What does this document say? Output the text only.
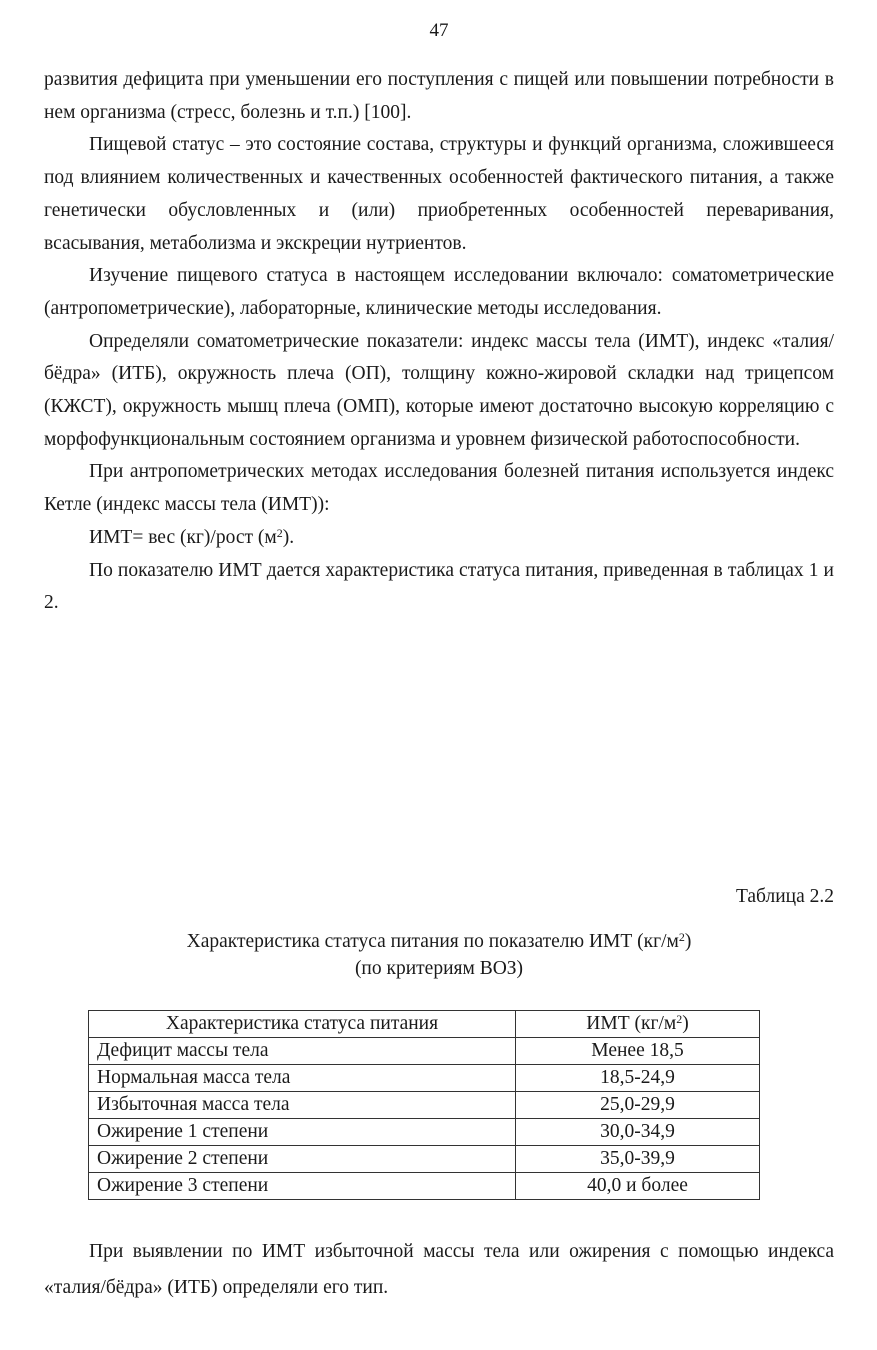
47

развития дефицита при уменьшении его поступления с пищей или повышении потребности в нем организма (стресс, болезнь и т.п.) [100].

Пищевой статус – это состояние состава, структуры и функций организма, сложившееся под влиянием количественных и качественных особенностей фактического питания, а также генетически обусловленных и (или) приобретенных особенностей переваривания, всасывания, метаболизма и экскреции нутриентов.

Изучение пищевого статуса в настоящем исследовании включало: соматометрические (антропометрические), лабораторные, клинические методы исследования.

Определяли соматометрические показатели: индекс массы тела (ИМТ), индекс «талия/бёдра» (ИТБ), окружность плеча (ОП), толщину кожно-жировой складки над трицепсом (КЖСТ), окружность мышц плеча (ОМП), которые имеют достаточно высокую корреляцию с морфофункциональным состоянием организма и уровнем физической работоспособности.

При антропометрических методах исследования болезней питания используется индекс Кетле (индекс массы тела (ИМТ)):

ИМТ= вес (кг)/рост $(м^2)$.

По показателю ИМТ дается характеристика статуса питания, приведенная в таблицах 1 и 2.

Таблица 2.2
Характеристика статуса питания по показателю ИМТ $(кг/м^2)$
(по критериям ВОЗ)
Характеристика статуса питания	ИМТ $(кг/м^2)$
Дефицит массы тела	Менее 18,5
Нормальная масса тела	18,5-24,9
Избыточная масса тела	25,0-29,9
Ожирение 1 степени	30,0-34,9
Ожирение 2 степени	35,0-39,9
Ожирение 3 степени	40,0 и более

При выявлении по ИМТ избыточной массы тела или ожирения с помощью индекса «талия/бёдра» (ИТБ) определяли его тип.
